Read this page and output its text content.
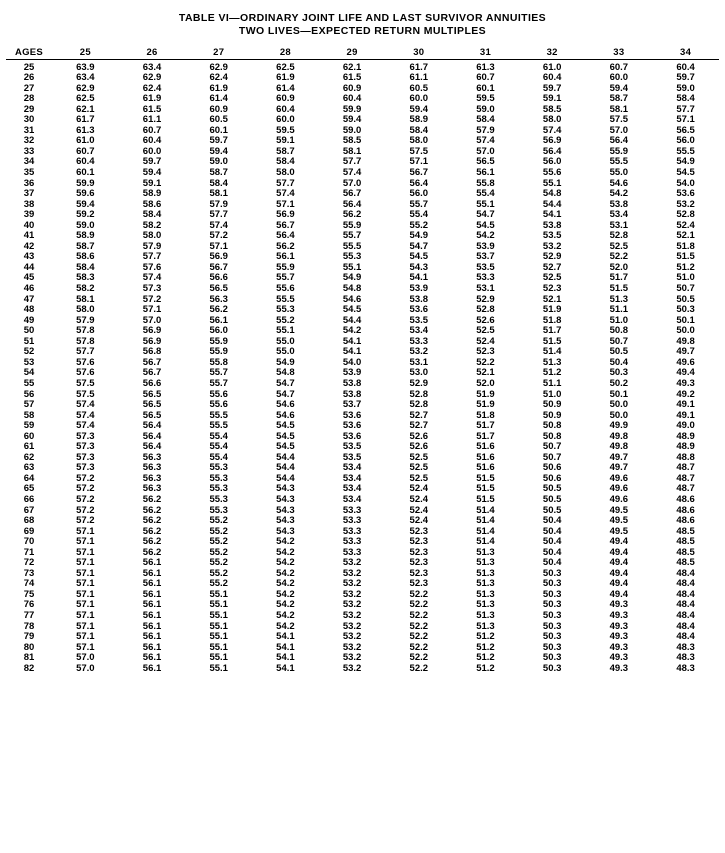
TABLE VI—ORDINARY JOINT LIFE AND LAST SURVIVOR ANNUITIES
TWO LIVES—EXPECTED RETURN MULTIPLES
AGES	25	26	27	28	29	30	31	32	33	34
25	63.9	63.4	62.9	62.5	62.1	61.7	61.3	61.0	60.7	60.4
26	63.4	62.9	62.4	61.9	61.5	61.1	60.7	60.4	60.0	59.7
27	62.9	62.4	61.9	61.4	60.9	60.5	60.1	59.7	59.4	59.0
28	62.5	61.9	61.4	60.9	60.4	60.0	59.5	59.1	58.7	58.4
29	62.1	61.5	60.9	60.4	59.9	59.4	59.0	58.5	58.1	57.7
30	61.7	61.1	60.5	60.0	59.4	58.9	58.4	58.0	57.5	57.1
31	61.3	60.7	60.1	59.5	59.0	58.4	57.9	57.4	57.0	56.5
32	61.0	60.4	59.7	59.1	58.5	58.0	57.4	56.9	56.4	56.0
33	60.7	60.0	59.4	58.7	58.1	57.5	57.0	56.4	55.9	55.5
34	60.4	59.7	59.0	58.4	57.7	57.1	56.5	56.0	55.5	54.9
35	60.1	59.4	58.7	58.0	57.4	56.7	56.1	55.6	55.0	54.5
36	59.9	59.1	58.4	57.7	57.0	56.4	55.8	55.1	54.6	54.0
37	59.6	58.9	58.1	57.4	56.7	56.0	55.4	54.8	54.2	53.6
38	59.4	58.6	57.9	57.1	56.4	55.7	55.1	54.4	53.8	53.2
39	59.2	58.4	57.7	56.9	56.2	55.4	54.7	54.1	53.4	52.8
40	59.0	58.2	57.4	56.7	55.9	55.2	54.5	53.8	53.1	52.4
41	58.9	58.0	57.2	56.4	55.7	54.9	54.2	53.5	52.8	52.1
42	58.7	57.9	57.1	56.2	55.5	54.7	53.9	53.2	52.5	51.8
43	58.6	57.7	56.9	56.1	55.3	54.5	53.7	52.9	52.2	51.5
44	58.4	57.6	56.7	55.9	55.1	54.3	53.5	52.7	52.0	51.2
45	58.3	57.4	56.6	55.7	54.9	54.1	53.3	52.5	51.7	51.0
46	58.2	57.3	56.5	55.6	54.8	53.9	53.1	52.3	51.5	50.7
47	58.1	57.2	56.3	55.5	54.6	53.8	52.9	52.1	51.3	50.5
48	58.0	57.1	56.2	55.3	54.5	53.6	52.8	51.9	51.1	50.3
49	57.9	57.0	56.1	55.2	54.4	53.5	52.6	51.8	51.0	50.1
50	57.8	56.9	56.0	55.1	54.2	53.4	52.5	51.7	50.8	50.0
51	57.8	56.9	55.9	55.0	54.1	53.3	52.4	51.5	50.7	49.8
52	57.7	56.8	55.9	55.0	54.1	53.2	52.3	51.4	50.5	49.7
53	57.6	56.7	55.8	54.9	54.0	53.1	52.2	51.3	50.4	49.6
54	57.6	56.7	55.7	54.8	53.9	53.0	52.1	51.2	50.3	49.4
55	57.5	56.6	55.7	54.7	53.8	52.9	52.0	51.1	50.2	49.3
56	57.5	56.5	55.6	54.7	53.8	52.8	51.9	51.0	50.1	49.2
57	57.4	56.5	55.6	54.6	53.7	52.8	51.9	50.9	50.0	49.1
58	57.4	56.5	55.5	54.6	53.6	52.7	51.8	50.9	50.0	49.1
59	57.4	56.4	55.5	54.5	53.6	52.7	51.7	50.8	49.9	49.0
60	57.3	56.4	55.4	54.5	53.6	52.6	51.7	50.8	49.8	48.9
61	57.3	56.4	55.4	54.5	53.5	52.6	51.6	50.7	49.8	48.9
62	57.3	56.3	55.4	54.4	53.5	52.5	51.6	50.7	49.7	48.8
63	57.3	56.3	55.3	54.4	53.4	52.5	51.6	50.6	49.7	48.7
64	57.2	56.3	55.3	54.4	53.4	52.5	51.5	50.6	49.6	48.7
65	57.2	56.3	55.3	54.3	53.4	52.4	51.5	50.5	49.6	48.7
66	57.2	56.2	55.3	54.3	53.4	52.4	51.5	50.5	49.6	48.6
67	57.2	56.2	55.3	54.3	53.3	52.4	51.4	50.5	49.5	48.6
68	57.2	56.2	55.2	54.3	53.3	52.4	51.4	50.4	49.5	48.6
69	57.1	56.2	55.2	54.3	53.3	52.3	51.4	50.4	49.5	48.5
70	57.1	56.2	55.2	54.2	53.3	52.3	51.4	50.4	49.4	48.5
71	57.1	56.2	55.2	54.2	53.3	52.3	51.3	50.4	49.4	48.5
72	57.1	56.1	55.2	54.2	53.2	52.3	51.3	50.4	49.4	48.5
73	57.1	56.1	55.2	54.2	53.2	52.3	51.3	50.3	49.4	48.4
74	57.1	56.1	55.2	54.2	53.2	52.3	51.3	50.3	49.4	48.4
75	57.1	56.1	55.1	54.2	53.2	52.2	51.3	50.3	49.4	48.4
76	57.1	56.1	55.1	54.2	53.2	52.2	51.3	50.3	49.3	48.4
77	57.1	56.1	55.1	54.2	53.2	52.2	51.3	50.3	49.3	48.4
78	57.1	56.1	55.1	54.2	53.2	52.2	51.3	50.3	49.3	48.4
79	57.1	56.1	55.1	54.1	53.2	52.2	51.2	50.3	49.3	48.4
80	57.1	56.1	55.1	54.1	53.2	52.2	51.2	50.3	49.3	48.3
81	57.0	56.1	55.1	54.1	53.2	52.2	51.2	50.3	49.3	48.3
82	57.0	56.1	55.1	54.1	53.2	52.2	51.2	50.3	49.3	48.3
